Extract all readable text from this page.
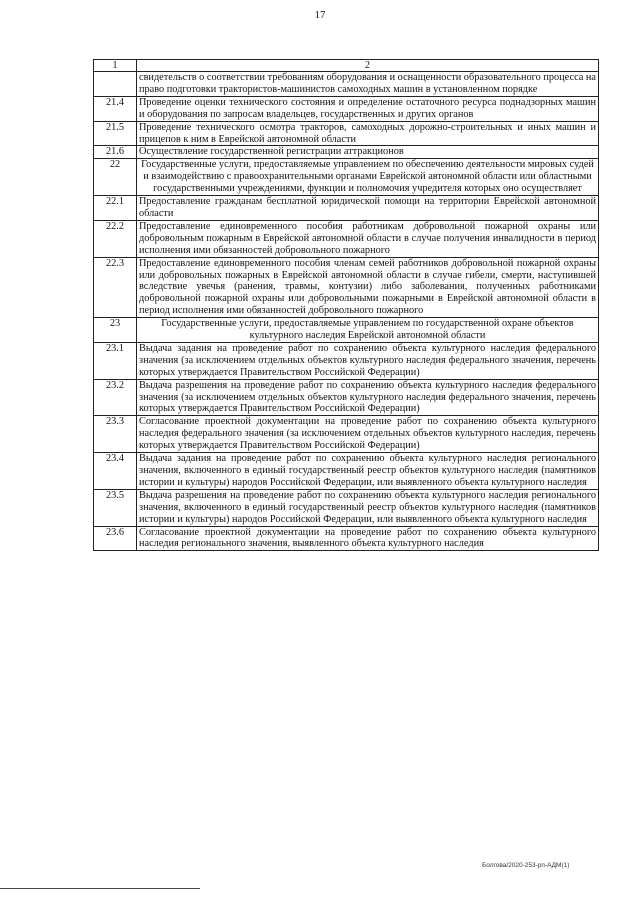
17
1	2
	свидетельств о соответствии требованиям оборудования и оснащенности образовательного процесса на право подготовки трактористов-машинистов самоходных машин в установленном порядке
21.4	Проведение оценки технического состояния и определение остаточного ресурса поднадзорных машин и оборудования по запросам владельцев, государственных и других органов
21.5	Проведение технического осмотра тракторов, самоходных дорожно-строительных и иных машин и прицепов к ним в Еврейской автономной области
21.6	Осуществление государственной регистрации аттракционов
22	Государственные услуги, предоставляемые управлением по обеспечению деятельности мировых судей и взаимодействию с правоохранительными органами Еврейской автономной области или областными государственными учреждениями, функции и полномочия учредителя которых оно осуществляет
22.1	Предоставление гражданам бесплатной юридической помощи на территории Еврейской автономной области
22.2	Предоставление единовременного пособия работникам добровольной пожарной охраны или добровольным пожарным в Еврейской автономной области в случае получения инвалидности в период исполнения ими обязанностей добровольного пожарного
22.3	Предоставление единовременного пособия членам семей работников добровольной пожарной охраны или добровольных пожарных в Еврейской автономной области в случае гибели, смерти, наступившей вследствие увечья (ранения, травмы, контузии) либо заболевания, полученных работниками добровольной пожарной охраны или добровольными пожарными в Еврейской автономной области в период исполнения ими обязанностей добровольного пожарного
23	Государственные услуги, предоставляемые управлением по государственной охране объектов культурного наследия Еврейской автономной области
23.1	Выдача задания на проведение работ по сохранению объекта культурного наследия федерального значения (за исключением отдельных объектов культурного наследия федерального значения, перечень которых утверждается Правительством Российской Федерации)
23.2	Выдача разрешения на проведение работ по сохранению объекта культурного наследия федерального значения (за исключением отдельных объектов культурного наследия федерального значения, перечень которых утверждается Правительством Российской Федерации)
23.3	Согласование проектной документации на проведение работ по сохранению объекта культурного наследия федерального значения (за исключением отдельных объектов культурного наследия, перечень которых утверждается Правительством Российской Федерации)
23.4	Выдача задания на проведение работ по сохранению объекта культурного наследия регионального значения, включенного в единый государственный реестр объектов культурного наследия (памятников истории и культуры) народов Российской Федерации, или выявленного объекта культурного наследия
23.5	Выдача разрешения на проведение работ по сохранению объекта культурного наследия регионального значения, включенного в единый государственный реестр объектов культурного наследия (памятников истории и культуры) народов Российской Федерации, или выявленного объекта культурного наследия
23.6	Согласование проектной документации на проведение работ по сохранению объекта культурного наследия регионального значения, выявленного объекта культурного наследия
Болгова/2020-253-рп-АДМ(1)
